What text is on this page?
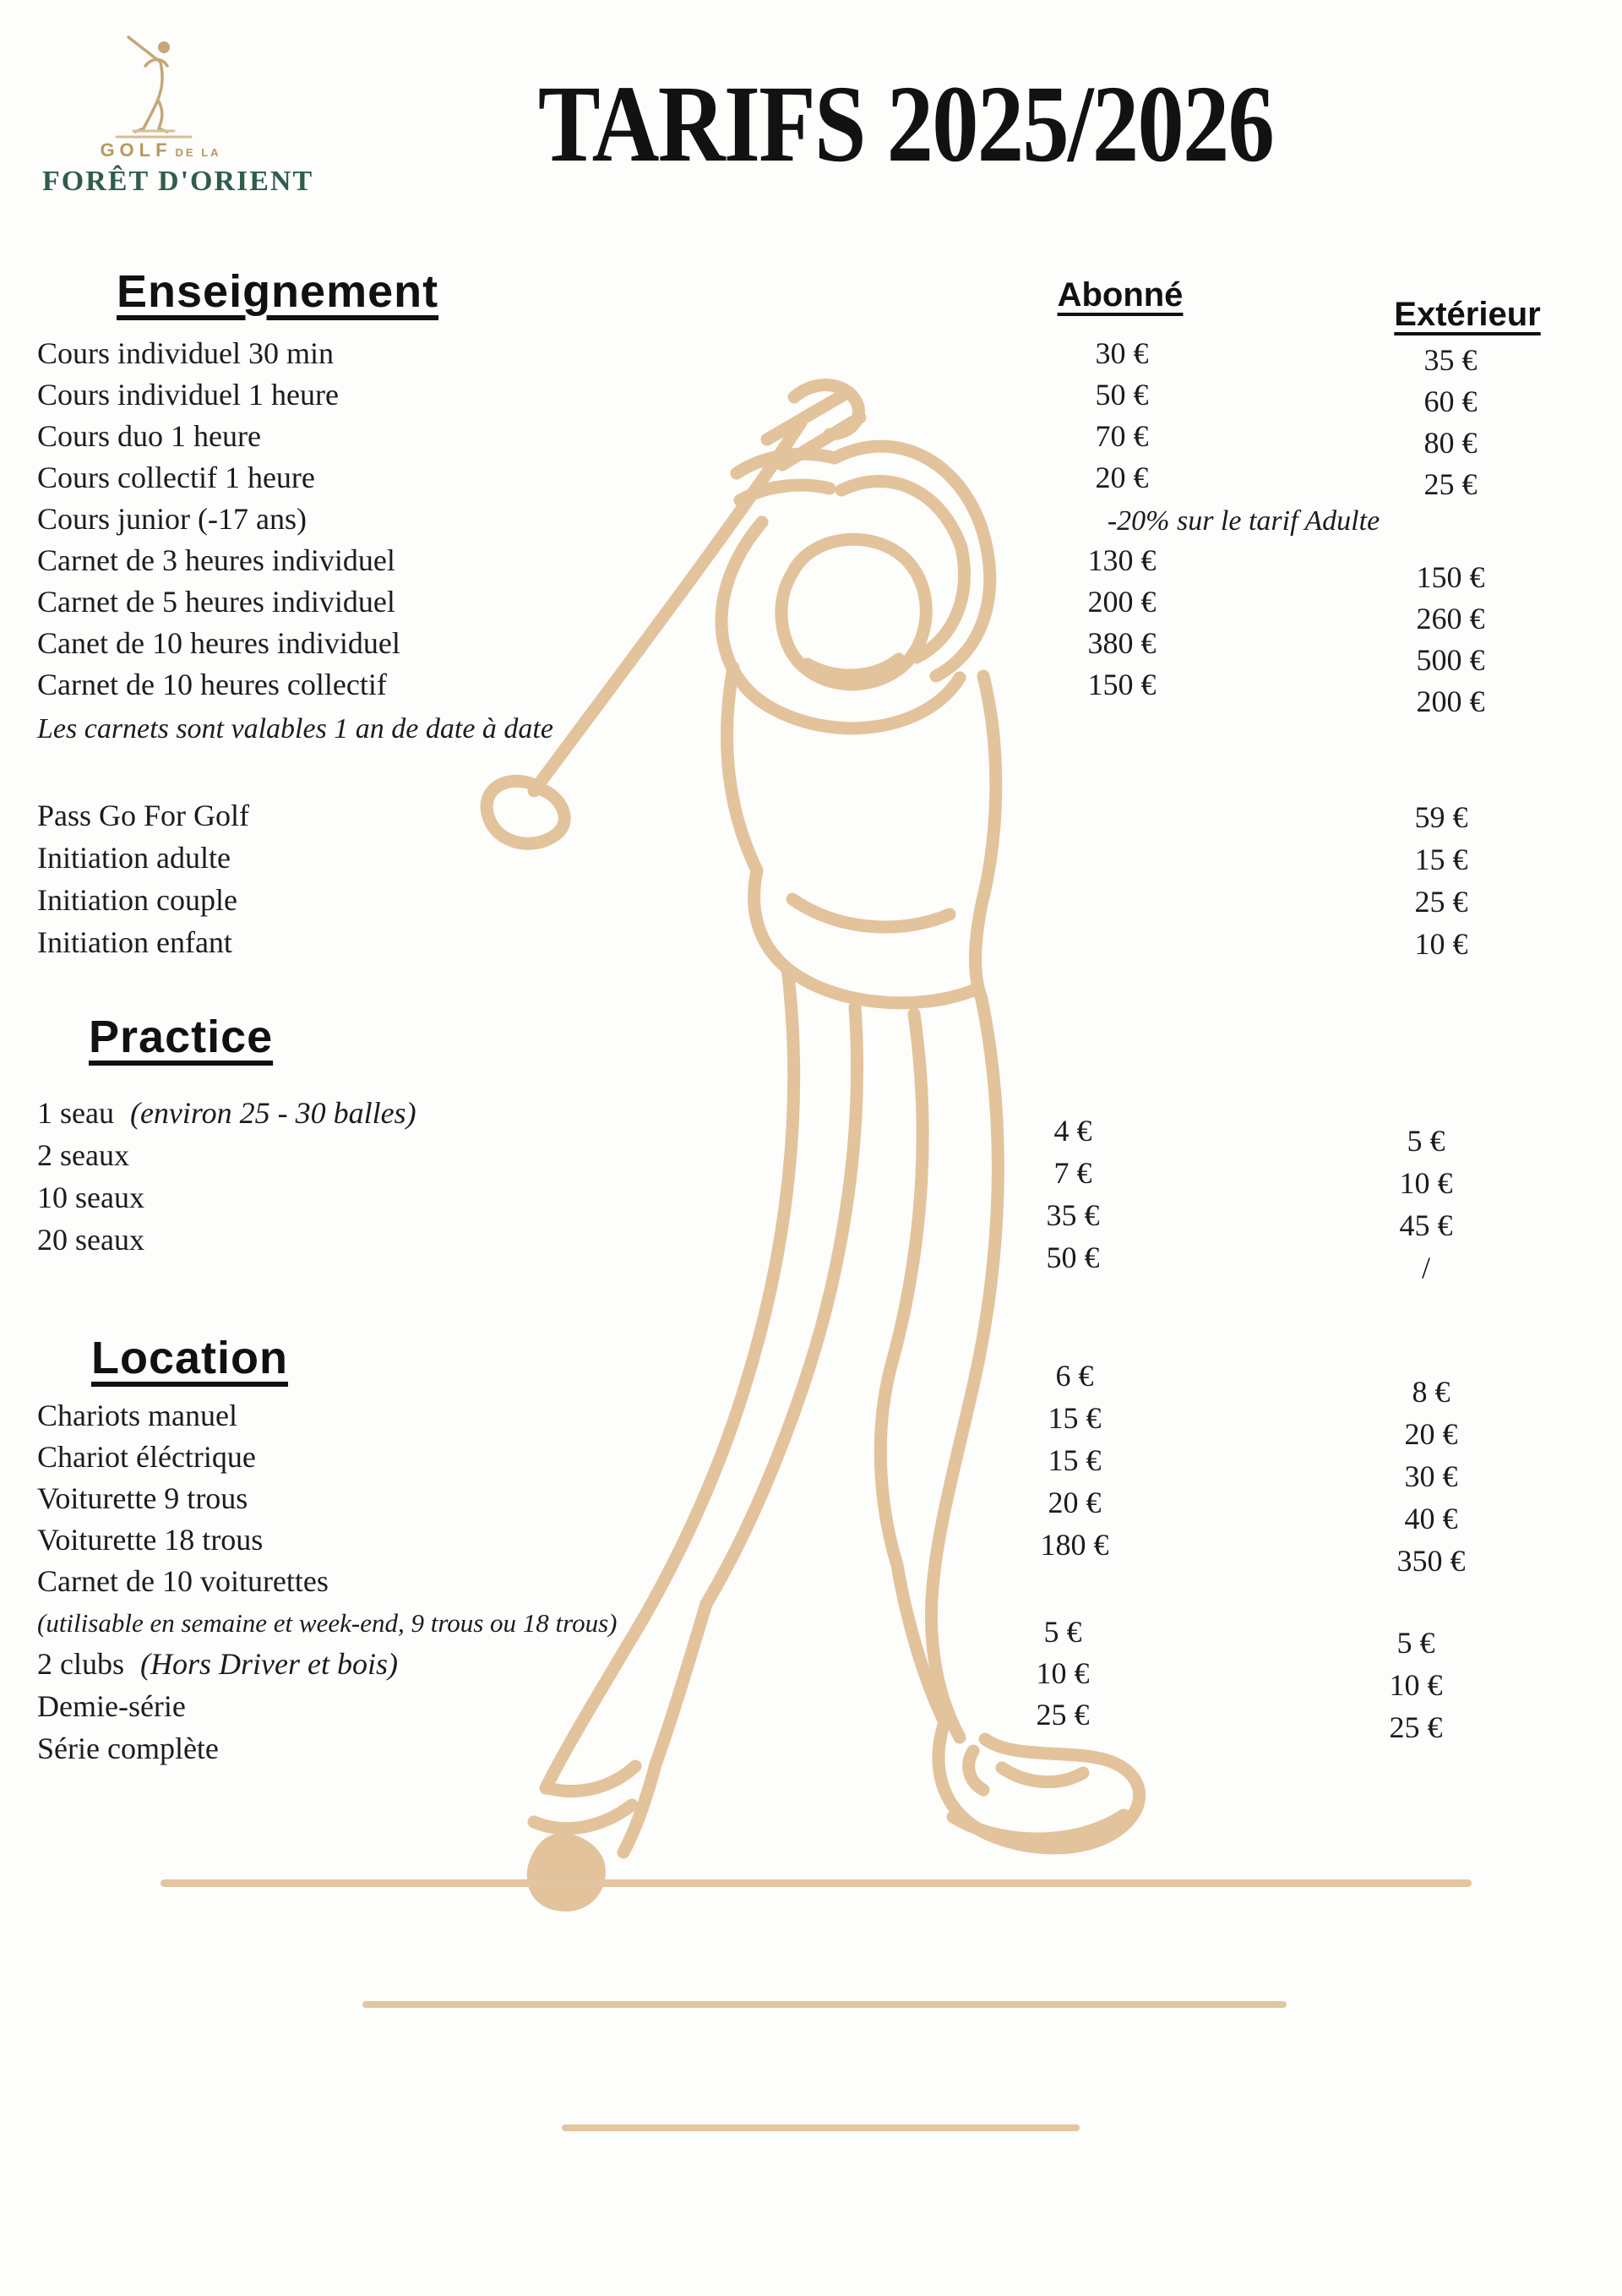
GOLF DE LA
FORÊT D'ORIENT	TARIFS 2025/2026
Enseignement	Abonné
Extérieur
Cours individuel 30 min
Cours individuel 1 heure
Cours duo 1 heure
Cours collectif 1 heure
Cours junior (-17 ans)
Carnet de 3 heures individuel
Carnet de 5 heures individuel
Canet de 10 heures individuel
Carnet de 10 heures collectif
Les carnets sont valables 1 an de date à date
30 €
50 €
70 €
20 €
-20% sur le tarif Adulte
130 €
200 €
380 €
150 €
35 €
60 €
80 €
25 €
150 €
260 €
500 €
200 €
Pass Go For Golf
Initiation adulte
Initiation couple
Initiation enfant
59 €
15 €
25 €
10 €
Practice
1 seau (environ 25 - 30 balles)
2 seaux
10 seaux
20 seaux
4 €
7 €
35 €
50 €
5 €
10 €
45 €
/
Location
Chariots manuel
Chariot éléctrique
Voiturette 9 trous
Voiturette 18 trous
Carnet de 10 voiturettes
(utilisable en semaine et week-end, 9 trous ou 18 trous)
2 clubs (Hors Driver et bois)
Demie-série
Série complète
6 €
15 €
15 €
20 €
180 €
8 €
20 €
30 €
40 €
350 €
5 €
10 €
25 €
5 €
10 €
25 €
